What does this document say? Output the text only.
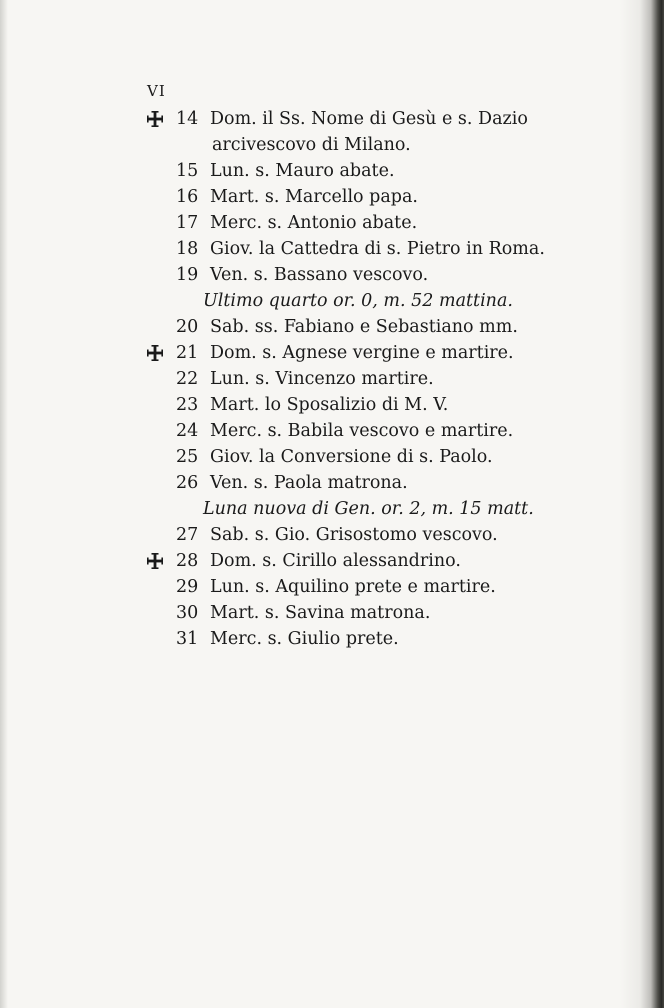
VI
14 Dom. il Ss. Nome di Gesù e s. Dazio
arcivescovo di Milano.
15 Lun. s. Mauro abate.
16 Mart. s. Marcello papa.
17 Merc. s. Antonio abate.
18 Giov. la Cattedra di s. Pietro in Roma.
19 Ven. s. Bassano vescovo.
Ultimo quarto or. 0, m. 52 mattina.
20 Sab. ss. Fabiano e Sebastiano mm.
21 Dom. s. Agnese vergine e martire.
22 Lun. s. Vincenzo martire.
23 Mart. lo Sposalizio di M. V.
24 Merc. s. Babila vescovo e martire.
25 Giov. la Conversione di s. Paolo.
26 Ven. s. Paola matrona.
Luna nuova di Gen. or. 2, m. 15 matt.
27 Sab. s. Gio. Grisostomo vescovo.
28 Dom. s. Cirillo alessandrino.
29 Lun. s. Aquilino prete e martire.
30 Mart. s. Savina matrona.
31 Merc. s. Giulio prete.
